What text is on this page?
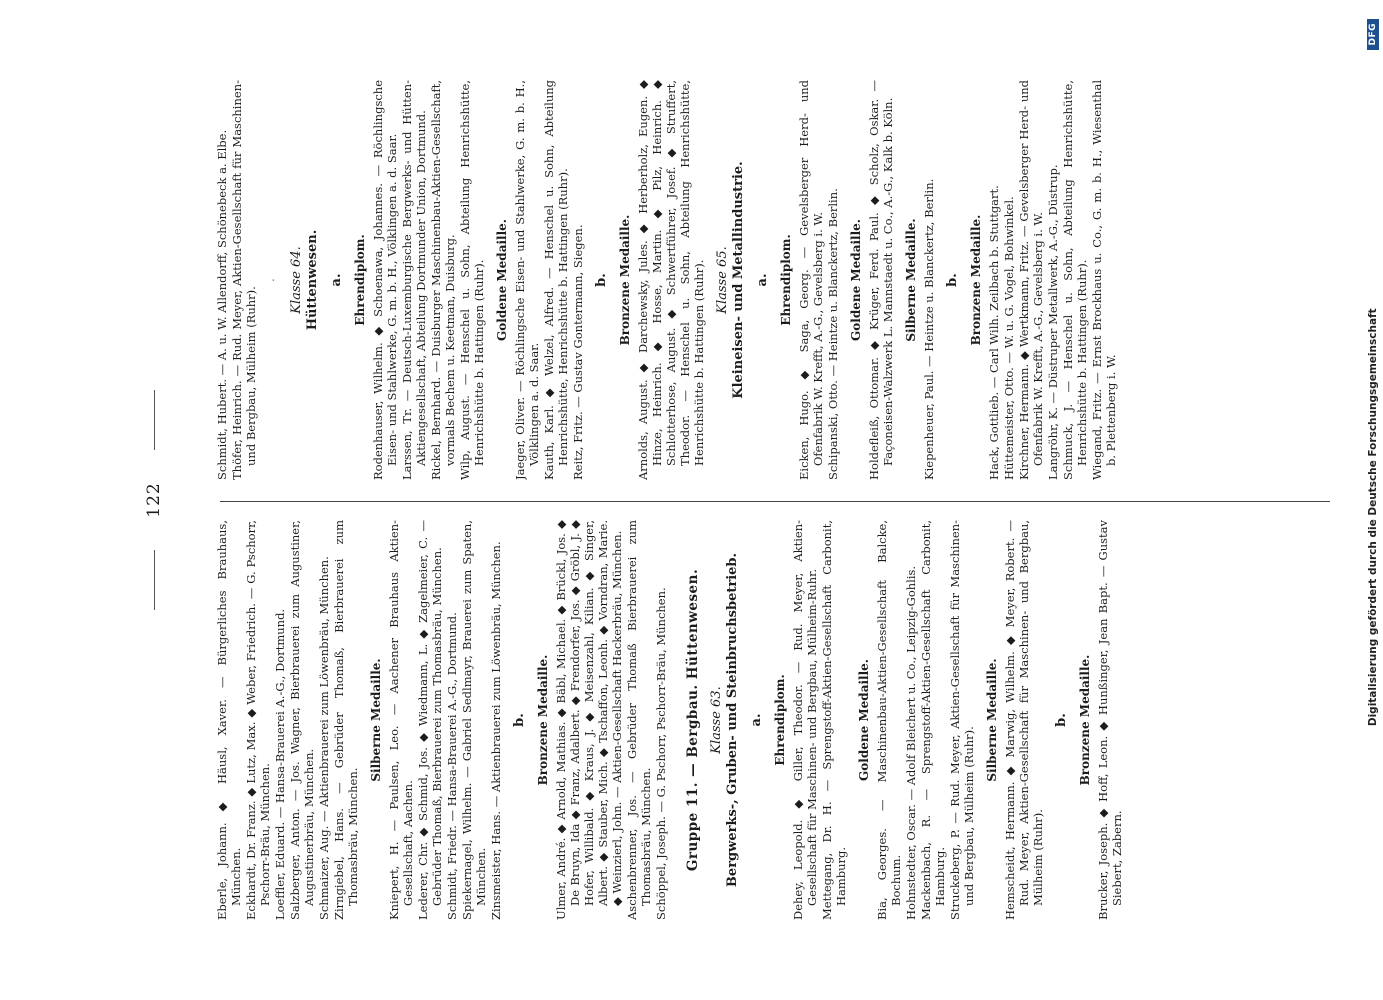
122
Eberle, Johann. ◆ Häusl, Xaver. — Bürgerliches Brauhaus, München. Eckhardt, Dr. Franz. ◆ Lutz, Max. ◆ Weber, Friedrich. — G. Pschorr, Pschorr-Bräu, München. Loeffler, Eduard. — Hansa-Brauerei A.-G., Dortmund. Salzberger, Anton. — Jos. Wagner, Bierbrauerei zum Augustiner, Augustinerbräu, München. Schmaizer, Aug. — Aktienbrauerei zum Löwenbräu, München. Zirngiebel, Hans. — Gebrüder Thomaß, Bierbrauerei zum Thomasbräu, München.
Silberne Medaille. Kniepert, H. — Paulsen, Leo. — Aachener Brauhaus Aktien-Gesellschaft, Aachen. Lederer, Chr. ◆ Schmid, Jos. ◆ Wiedmann, L. ◆ Zagelmeier, C. — Gebrüder Thomaß, Bierbrauerei zum Thomasbräu, München. Schmidt, Friedr. — Hansa-Brauerei A.-G., Dortmund. Spiekernagel, Wilhelm. — Gabriel Sedlmayr, Brauerei zum Spaten, München. Zinsmeister, Hans. — Aktienbrauerei zum Löwenbräu, München. b. Bronzene Medaille. Ulmer, André. ◆ Arnold, Mathias. ◆ Bäbl, Michael. ◆ Brückl, Jos. ◆ De Bruyn, Ida ◆ Franz, Adalbert. ◆ Frendorfer, Jos. ◆ Gröbl, J. ◆ Hofer, Willibald. ◆ Kraus, J. ◆ Meisenzahl, Kilian. ◆ Singer, Albert. ◆ Stauber, Mich. ◆ Tschaffon, Leonh. ◆ Vorndran, Marie. ◆ Weinzierl, John. — Aktien-Gesellschaft Hackerbräu, München. Aschenbrenner, Jos. — Gebrüder Thomaß Bierbrauerei zum Thomasbräu, München. Schöppel, Joseph. — G. Pschorr, Pschorr-Bräu, München. Gruppe 11. — Bergbau. Hüttenwesen. Klasse 63. Bergwerks-, Gruben- und Steinbruchsbetrieb. a. Ehrendiplom. Dehey, Leopold. ◆ Giller, Theodor. — Rud. Meyer, Aktien-Gesellschaft für Maschinen- und Bergbau, Mülheim-Ruhr. Mettegang, Dr. H. — Sprengstoff-Aktien-Gesellschaft Carbonit, Hamburg.
Goldene Medaille. Bia, Georges. — Maschinenbau-Aktien-Gesellschaft Balcke, Bochum. Hohnstedter, Oscar. — Adolf Bleichert u. Co., Leipzig-Gohlis. Mackenbach, R. — Sprengstoff-Aktien-Gesellschaft Carbonit, Hamburg. Struckeberg, P. — Rud. Meyer, Aktien-Gesellschaft für Maschinen- und Bergbau, Mülheim (Ruhr).
Silberne Medaille. Hemscheidt, Hermann. ◆ Marwig, Wilhelm. ◆ Meyer, Robert. — Rud. Meyer, Aktien-Gesellschaft für Maschinen- und Bergbau, Mülheim (Ruhr).
b. Bronzene Medaille. Brucker, Joseph. ◆ Hoff, Leon. ◆ Hunßinger, Jean Bapt. — Gustav Siebert, Zabern.
Schmidt, Hubert. — A. u. W. Allendorff, Schönebeck a. Elbe. Thöfer, Heinrich. — Rud. Meyer, Aktien-Gesellschaft für Maschinen- und Bergbau, Mülheim (Ruhr).
· Klasse 64. Hüttenwesen. a. Ehrendiplom. Rodenhauser, Wilhelm. ◆ Schoenawa, Johannes. — Röchlingsche Eisen- und Stahlwerke, G. m. b. H., Völklingen a. d. Saar. Larssen, Tr. — Deutsch-Luxemburgische Bergwerks- und Hütten-Aktiengesellschaft, Abteilung Dortmunder Union, Dortmund. Rickel, Bernhard. — Duisburger Maschinenbau-Aktien-Gesellschaft, vormals Bechem u. Keetman, Duisburg. Wilp, August. — Henschel u. Sohn, Abteilung Henrichshütte, Henrichshütte b. Hattingen (Ruhr). Goldene Medaille. Jaeger, Oliver. — Röchlingsche Eisen- und Stahlwerke, G. m. b. H., Völklingen a. d. Saar. Kauth, Karl. ◆ Welzel, Alfred. — Henschel u. Sohn, Abteilung Henrichshütte, Henrichshütte b. Hattingen (Ruhr). Reitz, Fritz. — Gustav Gontermann, Siegen. b. Bronzene Medaille. Arnolds, August. ◆ Darchewsky, Jules. ◆ Herberholz, Eugen. ◆ Hinze, Heinrich. ◆ Hosse, Martin. ◆ Pilz, Heinrich. ◆ Schlotterhose, August. ◆ Schwertführer, Josef. ◆ Struffert, Theodor. — Henschel u. Sohn, Abteilung Henrichshütte, Henrichshütte b. Hattingen (Ruhr). Klasse 65. Kleineisen- und Metallindustrie. a. Ehrendiplom. Eicken, Hugo. ◆ Saga, Georg. — Gevelsberger Herd- und Ofenfabrik W. Krefft, A.-G., Gevelsberg i. W. Schipanski, Otto. — Heintze u. Blanckertz, Berlin. Goldene Medaille. Holdefleiß, Ottomar. ◆ Krüger, Ferd. Paul. ◆ Scholz, Oskar. — Façoneisen-Walzwerk L. Mannstaedt u. Co., A.-G., Kalk b. Köln. Silberne Medaille. Kiepenheuer, Paul. — Heintze u. Blanckertz, Berlin. b. Bronzene Medaille. Hack, Gottlieb. — Carl Wilh. Zeilbach b. Stuttgart. Hüttemeister, Otto. — W. u. G. Vogel, Bohwinkel. Kirchner, Hermann. ◆ Wertkmann, Fritz. — Gevelsberger Herd- und Ofenfabrik W. Krefft, A.-G., Gevelsberg i. W. Langröhr, K. — Düstruper Metallwerk, A.-G., Düstrup. Schmuck, J. — Henschel u. Sohn, Abteilung Henrichshütte, Henrichshütte b. Hattingen (Ruhr). Wiegand, Fritz. — Ernst Brockhaus u. Co., G. m. b. H., Wiesenthal b. Plettenberg i. W.	Digitalisierung gefördert durch die Deutsche Forschungsgemeinschaft
DFG
